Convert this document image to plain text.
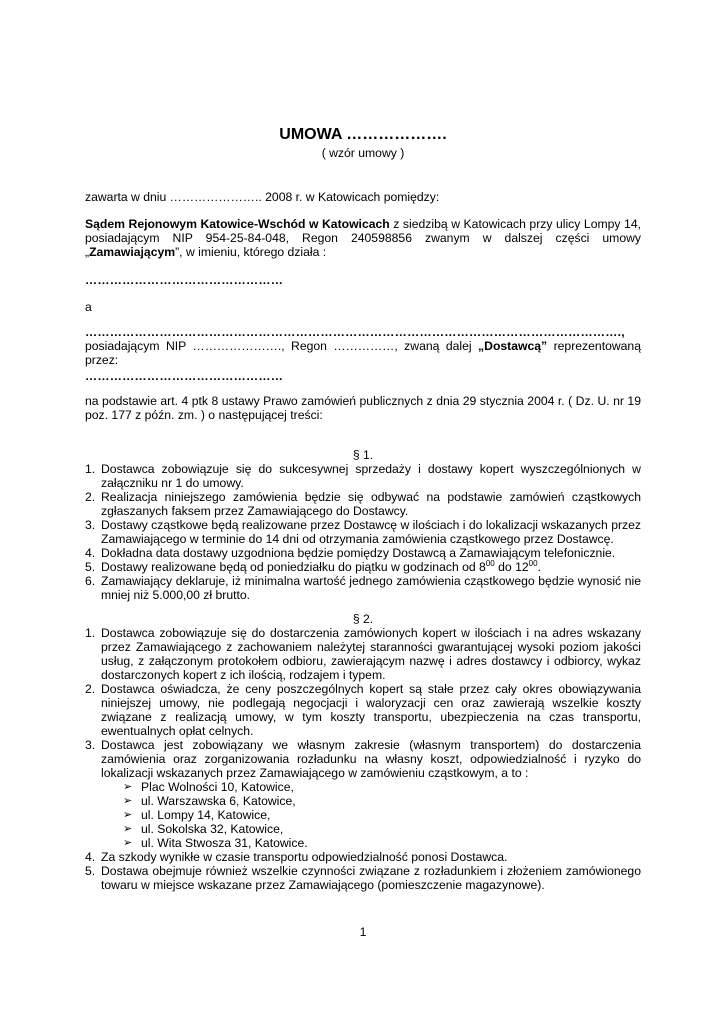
UMOWA ……………….
( wzór umowy )
zawarta w dniu ………………….. 2008 r. w Katowicach pomiędzy:
Sądem Rejonowym Katowice-Wschód w Katowicach z siedzibą w Katowicach przy ulicy Lompy 14, posiadającym NIP 954-25-84-048, Regon 240598856 zwanym w dalszej części umowy „Zamawiającym”, w imieniu, którego działa :
…………………………………………
a
………………………………………………………………………………………………………………….,
posiadającym NIP …………………., Regon ……………, zwaną dalej „Dostawcą” reprezentowaną przez:
…………………………………………
na podstawie art. 4 ptk 8 ustawy Prawo zamówień publicznych z dnia 29 stycznia 2004 r. ( Dz. U. nr 19 poz. 177 z późn. zm. ) o następującej treści:
§ 1.
1. Dostawca zobowiązuje się do sukcesywnej sprzedaży i dostawy kopert wyszczególnionych w załączniku nr 1 do umowy.
2. Realizacja niniejszego zamówienia będzie się odbywać na podstawie zamówień cząstkowych zgłaszanych faksem przez Zamawiającego do Dostawcy.
3. Dostawy cząstkowe będą realizowane przez Dostawcę w ilościach i do lokalizacji wskazanych przez Zamawiającego w terminie do 14 dni od otrzymania zamówienia cząstkowego przez Dostawcę.
4. Dokładna data dostawy uzgodniona będzie pomiędzy Dostawcą a Zamawiającym telefonicznie.
5. Dostawy realizowane będą od poniedziałku do piątku w godzinach od $8^{00}$ do $12^{00}$.
6. Zamawiający deklaruje, iż minimalna wartość jednego zamówienia cząstkowego będzie wynosić nie mniej niż 5.000,00 zł brutto.
§ 2.
1. Dostawca zobowiązuje się do dostarczenia zamówionych kopert w ilościach i na adres wskazany przez Zamawiającego z zachowaniem należytej staranności gwarantującej wysoki poziom jakości usług, z załączonym protokołem odbioru, zawierającym nazwę i adres dostawcy i odbiorcy, wykaz dostarczonych kopert z ich ilością, rodzajem i typem.
2. Dostawca oświadcza, że ceny poszczególnych kopert są stałe przez cały okres obowiązywania niniejszej umowy, nie podlegają negocjacji i waloryzacji cen oraz zawierają wszelkie koszty związane z realizacją umowy, w tym koszty transportu, ubezpieczenia na czas transportu, ewentualnych opłat celnych.
3. Dostawca jest zobowiązany we własnym zakresie (własnym transportem) do dostarczenia zamówienia oraz zorganizowania rozładunku na własny koszt, odpowiedzialność i ryzyko do lokalizacji wskazanych przez Zamawiającego w zamówieniu cząstkowym, a to :
➢ Plac Wolności 10, Katowice,
➢ ul. Warszawska 6, Katowice,
➢ ul. Lompy 14, Katowice,
➢ ul. Sokolska 32, Katowice,
➢ ul. Wita Stwosza 31, Katowice.
4. Za szkody wynikłe w czasie transportu odpowiedzialność ponosi Dostawca.
5. Dostawa obejmuje również wszelkie czynności związane z rozładunkiem i złożeniem zamówionego towaru w miejsce wskazane przez Zamawiającego (pomieszczenie magazynowe).
1
